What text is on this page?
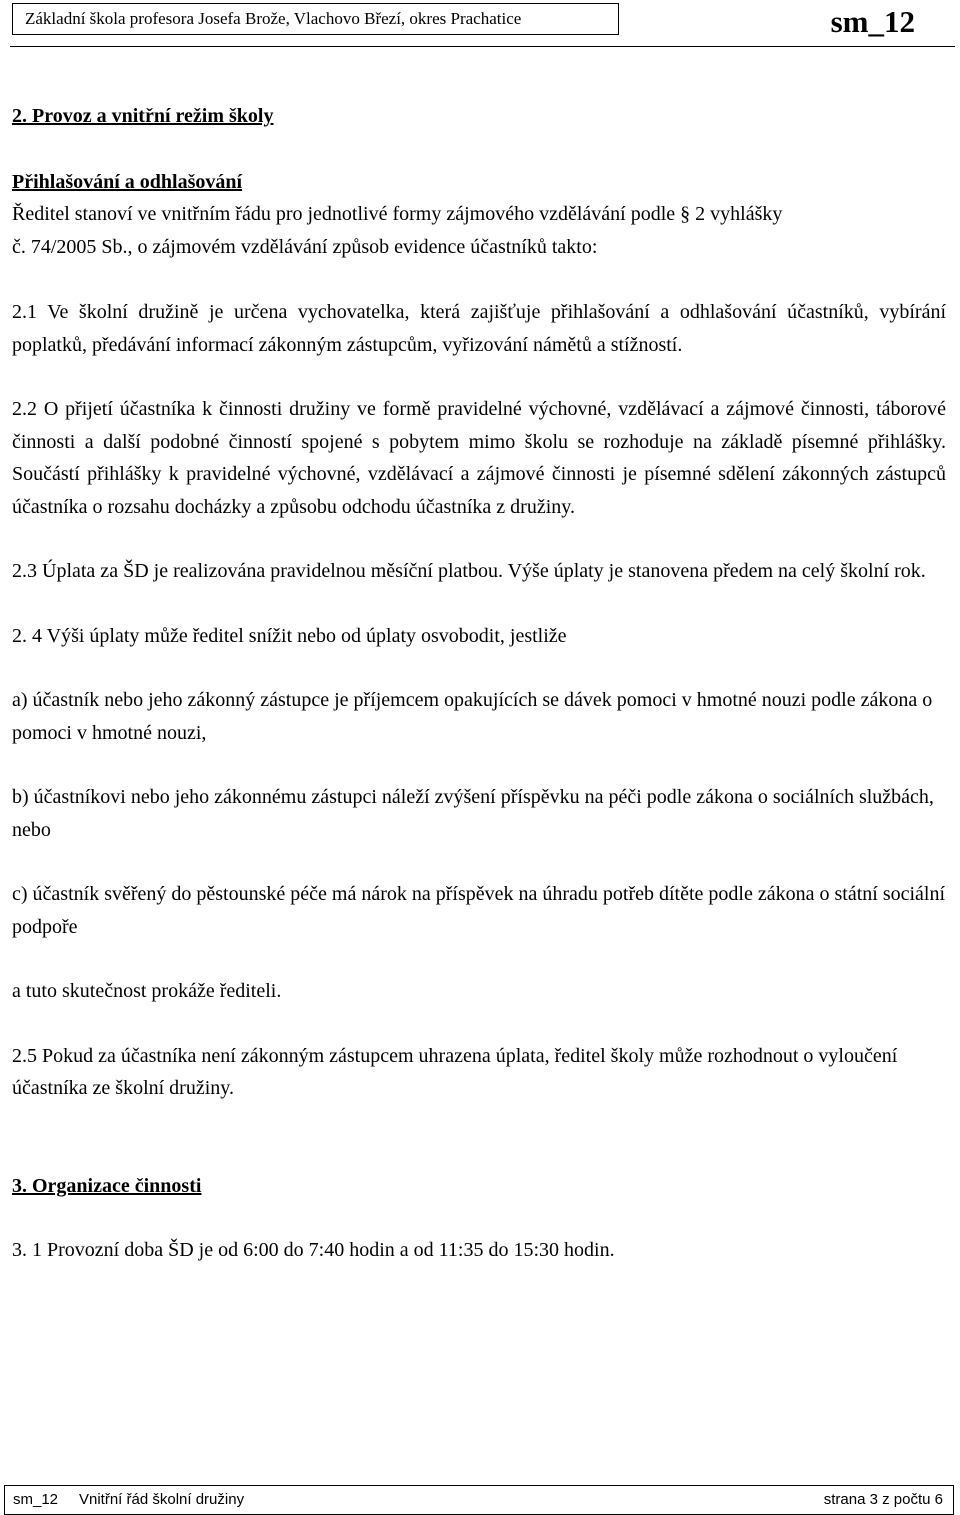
Základní škola profesora Josefa Brože, Vlachovo Březí, okres Prachatice	sm_12

2. Provoz a vnitřní režim školy

Přihlašování a odhlašování

Ředitel stanoví ve vnitřním řádu pro jednotlivé formy zájmového vzdělávání podle § 2 vyhlášky

č. 74/2005 Sb., o zájmovém vzdělávání způsob evidence účastníků takto:

2.1 Ve školní družině je určena vychovatelka, která zajišťuje přihlašování a odhlašování účastníků, vybírání poplatků, předávání informací zákonným zástupcům, vyřizování námětů a stížností.

2.2 O přijetí účastníka k činnosti družiny ve formě pravidelné výchovné, vzdělávací a zájmové činnosti, táborové činnosti a další podobné činností spojené s pobytem mimo školu se rozhoduje na základě písemné přihlášky. Součástí přihlášky k pravidelné výchovné, vzdělávací a zájmové činnosti je písemné sdělení zákonných zástupců účastníka o rozsahu docházky a způsobu odchodu účastníka z družiny.

2.3 Úplata za ŠD je realizována pravidelnou měsíční platbou. Výše úplaty je stanovena předem na celý školní rok.

2. 4 Výši úplaty může ředitel snížit nebo od úplaty osvobodit, jestliže

a) účastník nebo jeho zákonný zástupce je příjemcem opakujících se dávek pomoci v hmotné nouzi podle zákona o pomoci v hmotné nouzi,

b) účastníkovi nebo jeho zákonnému zástupci náleží zvýšení příspěvku na péči podle zákona o sociálních službách, nebo

c) účastník svěřený do pěstounské péče má nárok na příspěvek na úhradu potřeb dítěte podle zákona o státní sociální podpoře

a tuto skutečnost prokáže řediteli.

2.5 Pokud za účastníka není zákonným zástupcem uhrazena úplata, ředitel školy může rozhodnout o vyloučení účastníka ze školní družiny.

3. Organizace činnosti

3. 1 Provozní doba ŠD je od 6:00 do 7:40 hodin a od 11:35 do 15:30 hodin.

sm_12 Vnitřní řád školní družiny	strana 3 z počtu 6
